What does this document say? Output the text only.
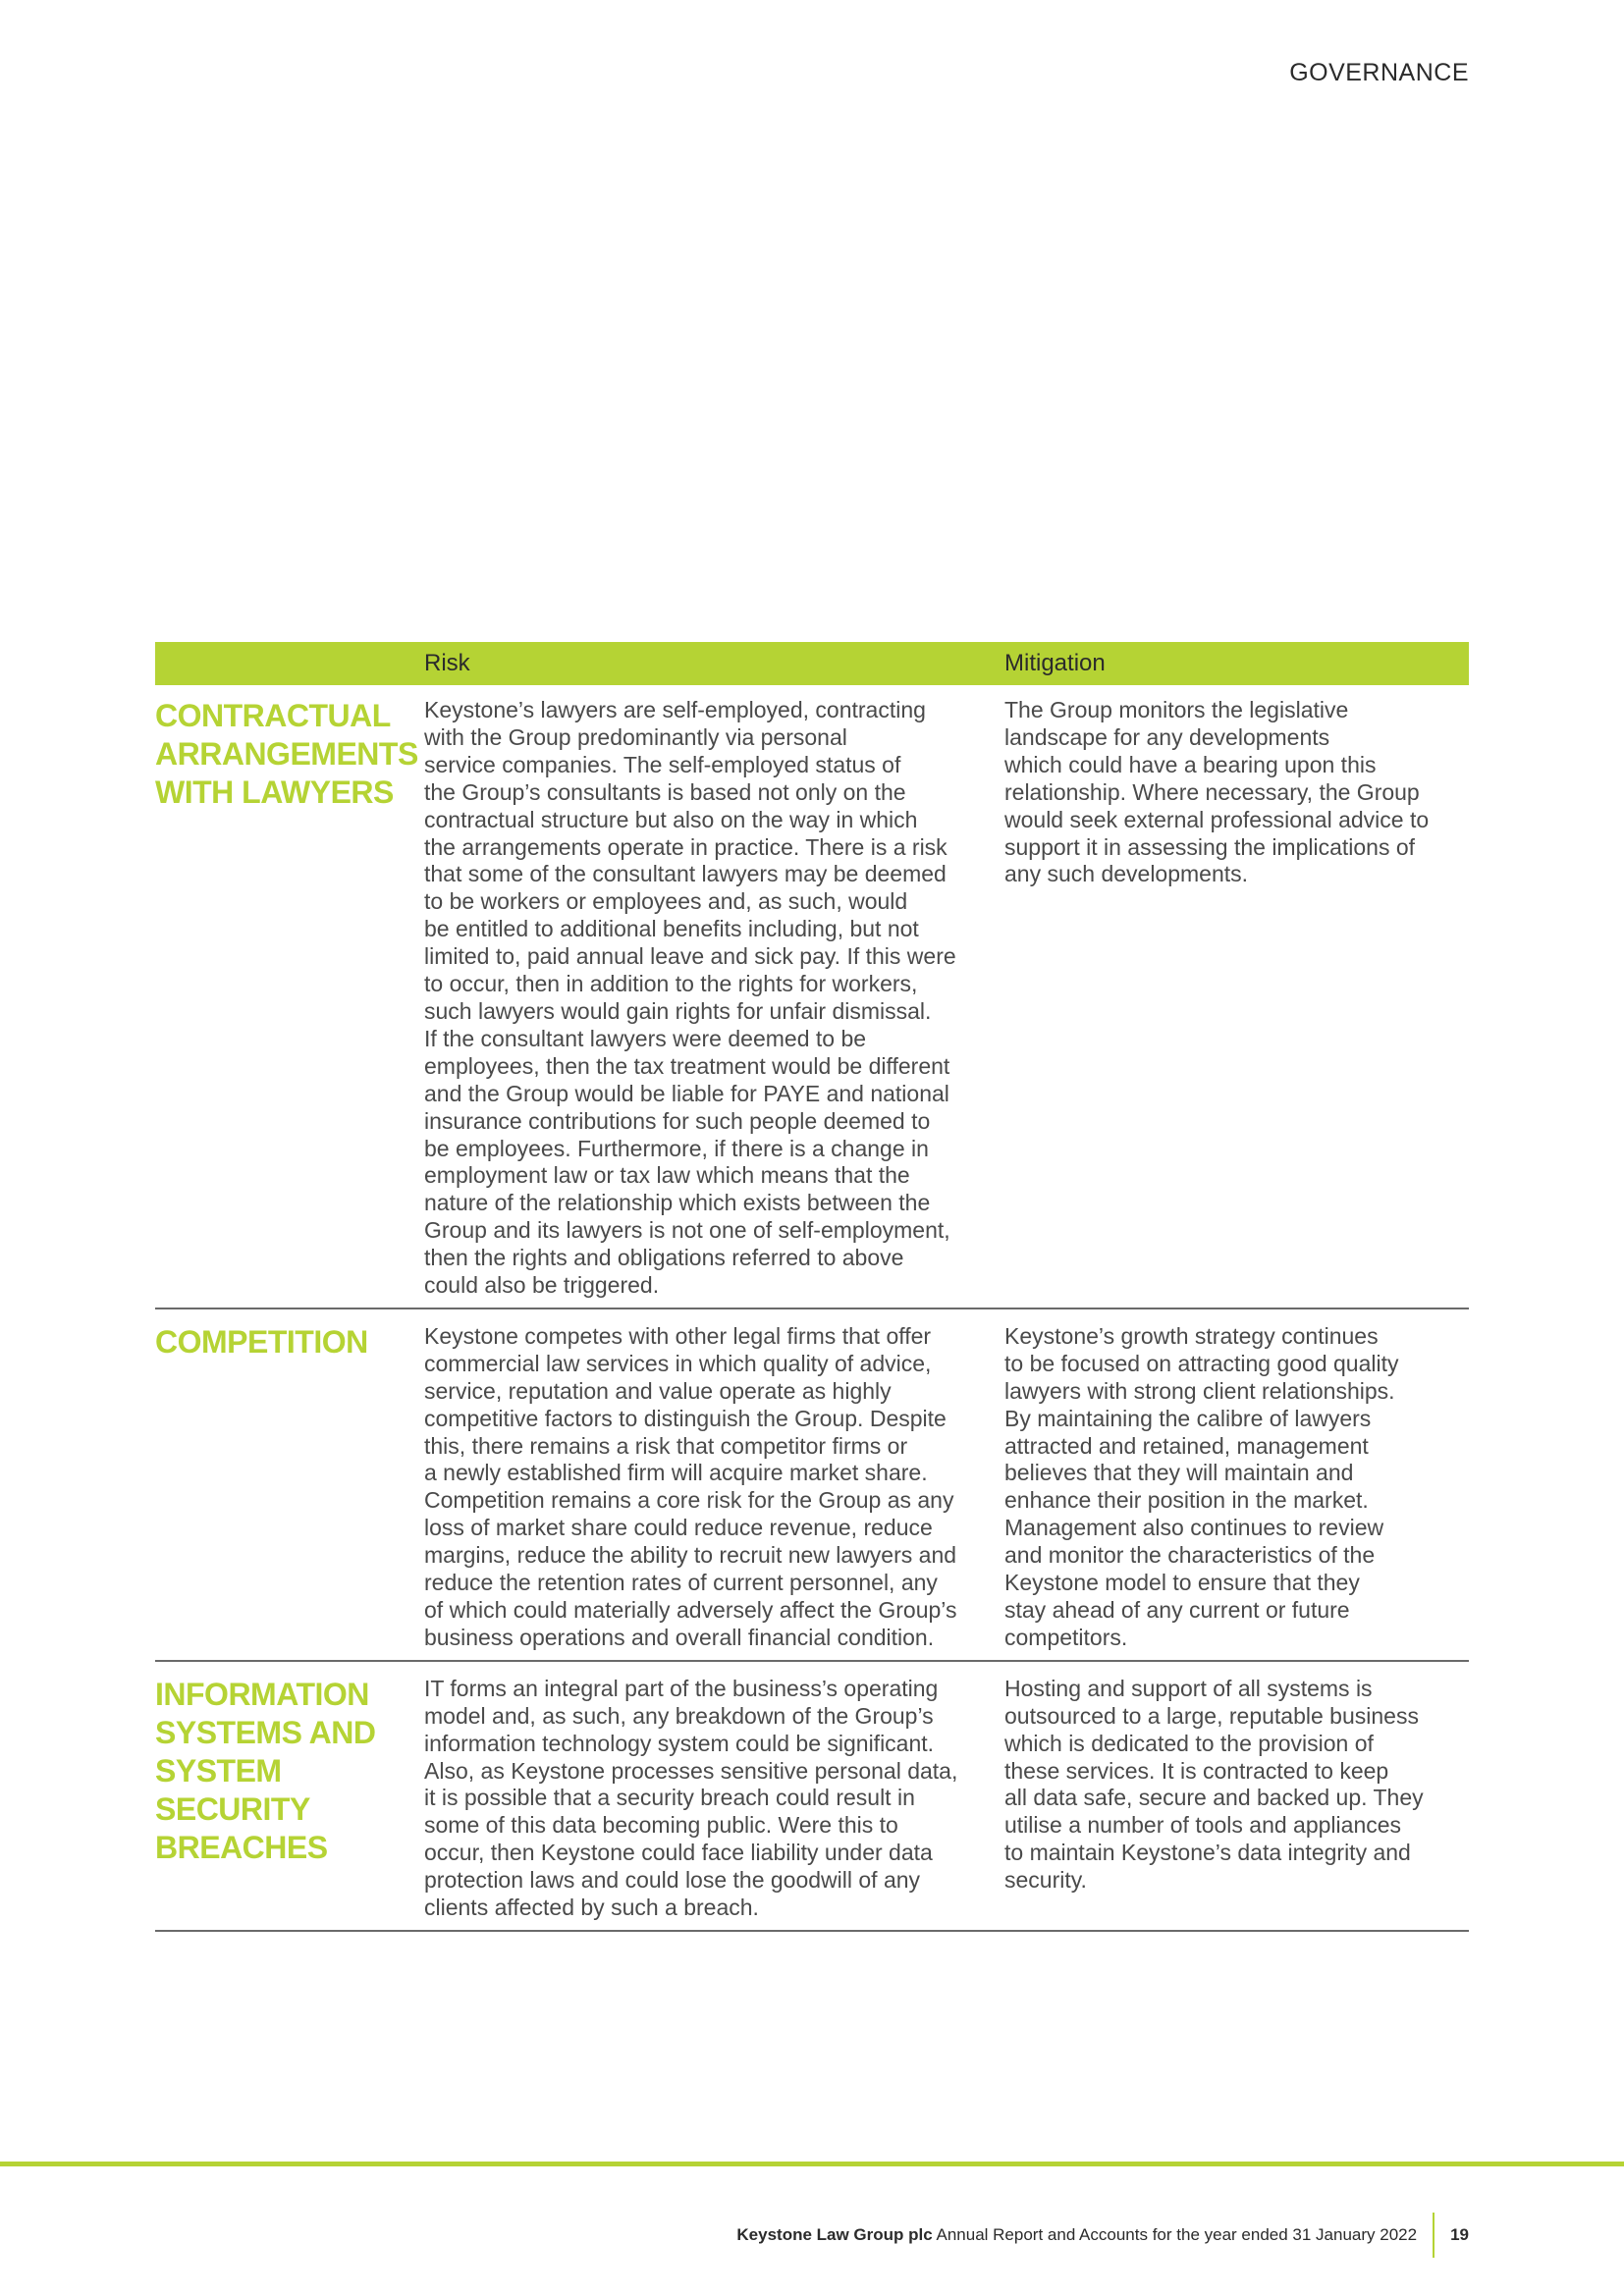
GOVERNANCE
Risk	Mitigation
CONTRACTUAL ARRANGEMENTS WITH LAWYERS
Keystone’s lawyers are self-employed, contracting
with the Group predominantly via personal
service companies. The self-employed status of
the Group’s consultants is based not only on the
contractual structure but also on the way in which
the arrangements operate in practice. There is a risk
that some of the consultant lawyers may be deemed
to be workers or employees and, as such, would
be entitled to additional benefits including, but not
limited to, paid annual leave and sick pay. If this were
to occur, then in addition to the rights for workers,
such lawyers would gain rights for unfair dismissal.
If the consultant lawyers were deemed to be
employees, then the tax treatment would be different
and the Group would be liable for PAYE and national
insurance contributions for such people deemed to
be employees. Furthermore, if there is a change in
employment law or tax law which means that the
nature of the relationship which exists between the
Group and its lawyers is not one of self-employment,
then the rights and obligations referred to above
could also be triggered.
The Group monitors the legislative
landscape for any developments
which could have a bearing upon this
relationship. Where necessary, the Group
would seek external professional advice to
support it in assessing the implications of
any such developments.
COMPETITION	Keystone competes with other legal firms that offer
commercial law services in which quality of advice,
service, reputation and value operate as highly
competitive factors to distinguish the Group. Despite
this, there remains a risk that competitor firms or
a newly established firm will acquire market share.
Competition remains a core risk for the Group as any
loss of market share could reduce revenue, reduce
margins, reduce the ability to recruit new lawyers and
reduce the retention rates of current personnel, any
of which could materially adversely affect the Group’s
business operations and overall financial condition.
Keystone’s growth strategy continues
to be focused on attracting good quality
lawyers with strong client relationships.
By maintaining the calibre of lawyers
attracted and retained, management
believes that they will maintain and
enhance their position in the market.
Management also continues to review
and monitor the characteristics of the
Keystone model to ensure that they
stay ahead of any current or future
competitors.
INFORMATION SYSTEMS AND SYSTEM SECURITY BREACHES
IT forms an integral part of the business’s operating
model and, as such, any breakdown of the Group’s
information technology system could be significant.
Also, as Keystone processes sensitive personal data,
it is possible that a security breach could result in
some of this data becoming public. Were this to
occur, then Keystone could face liability under data
protection laws and could lose the goodwill of any
clients affected by such a breach.
Hosting and support of all systems is
outsourced to a large, reputable business
which is dedicated to the provision of
these services. It is contracted to keep
all data safe, secure and backed up. They
utilise a number of tools and appliances
to maintain Keystone’s data integrity and
security.
Keystone Law Group plc Annual Report and Accounts for the year ended 31 January 2022 19
